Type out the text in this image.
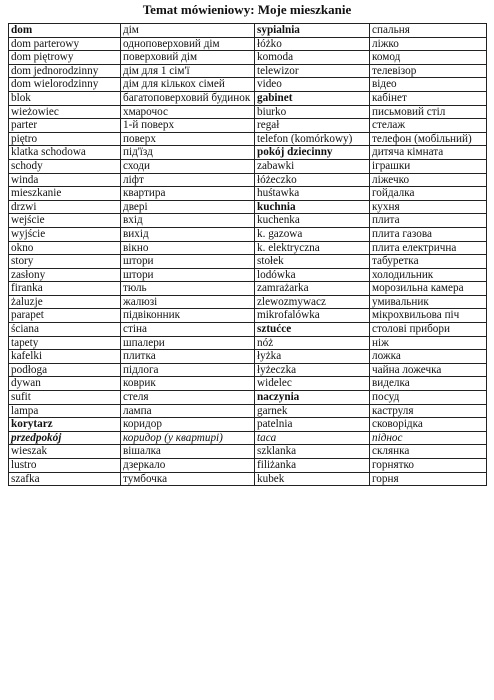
Temat mówieniowy: Moje mieszkanie
dom	дім	sypialnia	спальня
dom parterowy	одноповерховий дім	łóżko	ліжко
dom piętrowy	поверховий дім	komoda	комод
dom jednorodzinny	дім для 1 сім'ї	telewizor	телевізор
dom wielorodzinny	дім для кількох сімей	video	відео
blok	багатоповерховий будинок	gabinet	кабінет
wieżowiec	хмарочос	biurko	письмовий стіл
parter	1-й поверх	regał	стелаж
piętro	поверх	telefon (komórkowy)	телефон (мобільний)
klatka schodowa	під'їзд	pokój dziecinny	дитяча кімната
schody	сходи	zabawki	іграшки
winda	ліфт	łóżeczko	ліжечко
mieszkanie	квартира	huśtawka	гойдалка
drzwi	двері	kuchnia	кухня
wejście	вхід	kuchenka	плита
wyjście	вихід	k. gazowa	плита газова
okno	вікно	k. elektryczna	плита електрична
story	штори	stołek	табуретка
zasłony	штори	lodówka	холодильник
firanka	тюль	zamrażarka	морозильна камера
żaluzje	жалюзі	zlewozmywacz	умивальник
parapet	підвіконник	mikrofalówka	мікрохвильова піч
ściana	стіна	sztućce	столові прибори
tapety	шпалери	nóż	ніж
kafelki	плитка	łyżka	ложка
podłoga	підлога	łyżeczka	чайна ложечка
dywan	коврик	widelec	виделка
sufit	стеля	naczynia	посуд
lampa	лампа	garnek	каструля
korytarz	коридор	patelnia	сковорідка
przedpokój	коридор (у квартирі)	taca	піднос
wieszak	вішалка	szklanka	склянка
lustro	дзеркало	filiżanka	горнятко
szafka	тумбочка	kubek	горня
